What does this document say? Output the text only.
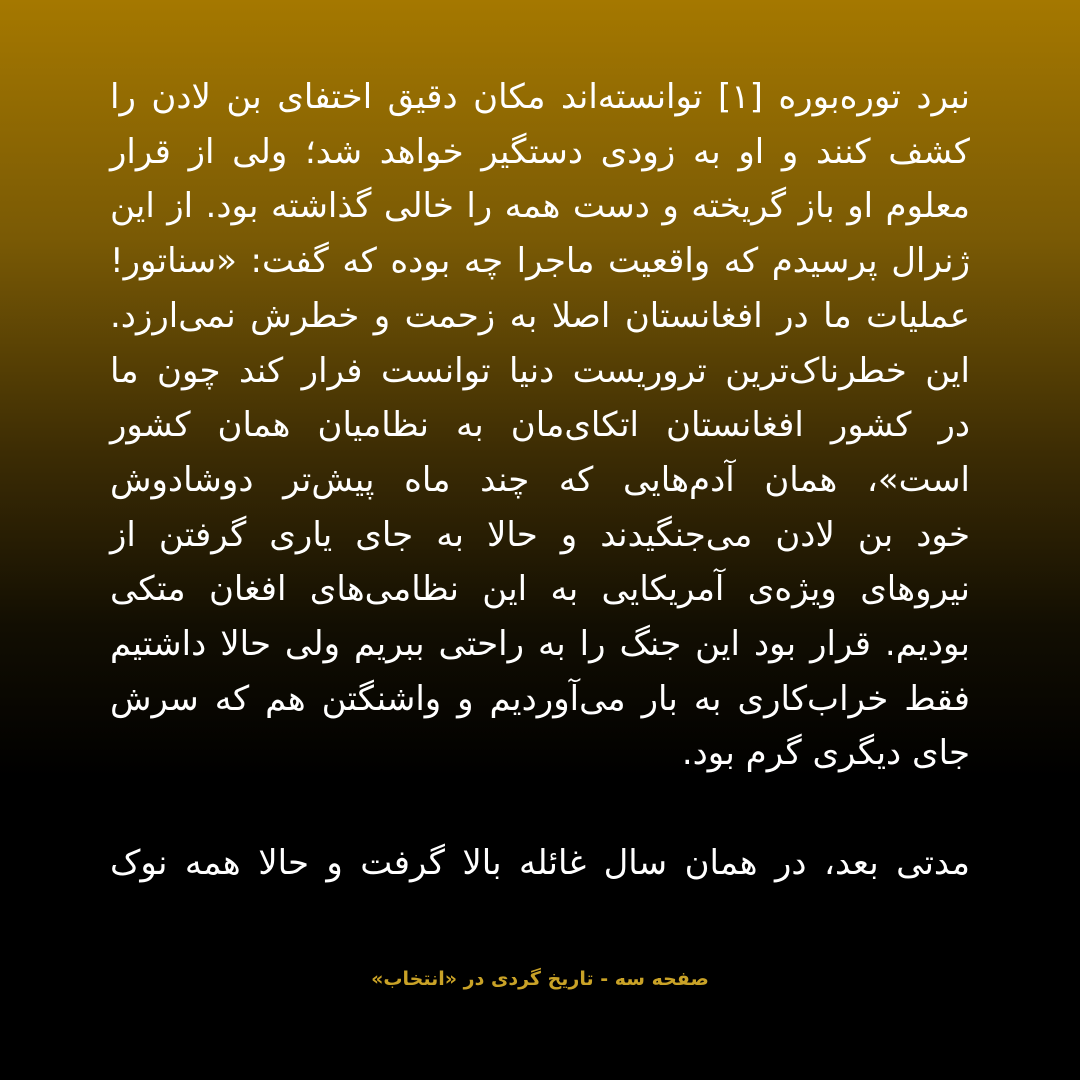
نبرد توره‌بوره [۱] توانسته‌اند مکان دقیق اختفای بن لادن را
کشف کنند و او به زودی دستگیر خواهد شد؛ ولی از قرار
معلوم او باز گریخته و دست همه را خالی گذاشته بود. از این
ژنرال پرسیدم که واقعیت ماجرا چه بوده که گفت: «سناتور!
عملیات ما در افغانستان اصلا به زحمت و خطرش نمی‌ارزد.
این خطرناک‌ترین تروریست دنیا توانست فرار کند چون ما
در کشور افغانستان اتکای‌مان به نظامیان همان کشور
است»، همان آدم‌هایی که چند ماه پیش‌تر دوشادوش
خود بن لادن می‌جنگیدند و حالا به جای یاری گرفتن از
نیروهای ویژه‌ی آمریکایی به این نظامی‌های افغان متکی
بودیم. قرار بود این جنگ را به راحتی ببریم ولی حالا داشتیم
فقط خراب‌کاری به بار می‌آوردیم و واشنگتن هم که سرش
جای دیگری گرم بود.
مدتی بعد، در همان سال غائله بالا گرفت و حالا همه نوک
صفحه سه - تاریخ گردی در «انتخاب»
